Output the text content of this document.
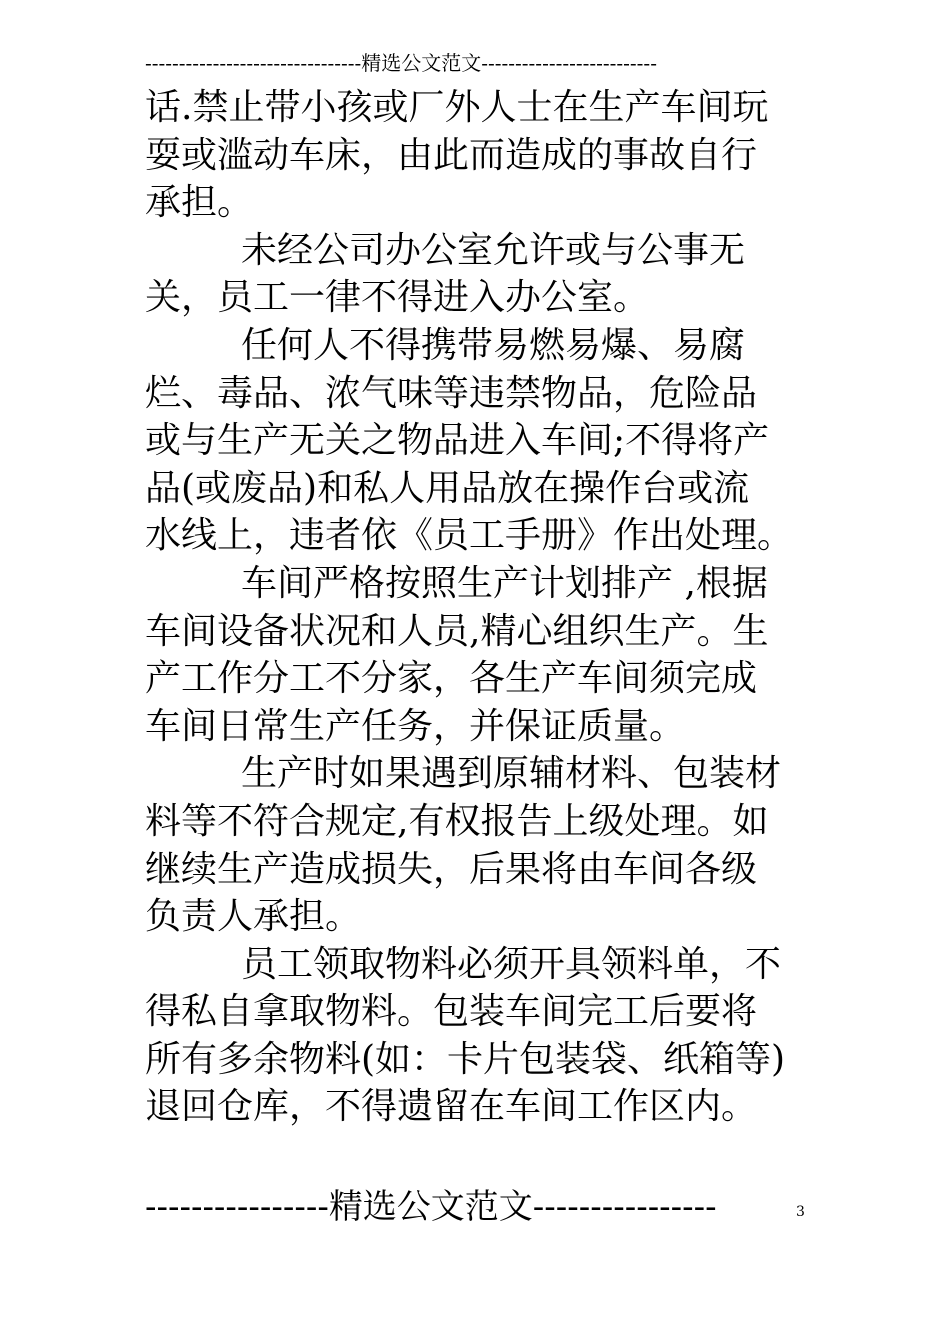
--------------------------------精选公文范文--------------------------
话.禁止带小孩或厂外人士在生产车间玩
耍或滥动车床，由此而造成的事故自行
承担。
未经公司办公室允许或与公事无
关，员工一律不得进入办公室。
任何人不得携带易燃易爆、易腐
烂、毒品、浓气味等违禁物品，危险品
或与生产无关之物品进入车间;不得将产
品(或废品)和私人用品放在操作台或流
水线上，违者依《员工手册》作出处理。
车间严格按照生产计划排产 ,根据
车间设备状况和人员,精心组织生产。生
产工作分工不分家，各生产车间须完成
车间日常生产任务，并保证质量。
生产时如果遇到原辅材料、包装材
料等不符合规定,有权报告上级处理。如
继续生产造成损失，后果将由车间各级
负责人承担。
员工领取物料必须开具领料单，不
得私自拿取物料。包装车间完工后要将
所有多余物料(如：卡片包装袋、纸箱等)
退回仓库，不得遗留在车间工作区内。
----------------精选公文范文----------------	3
